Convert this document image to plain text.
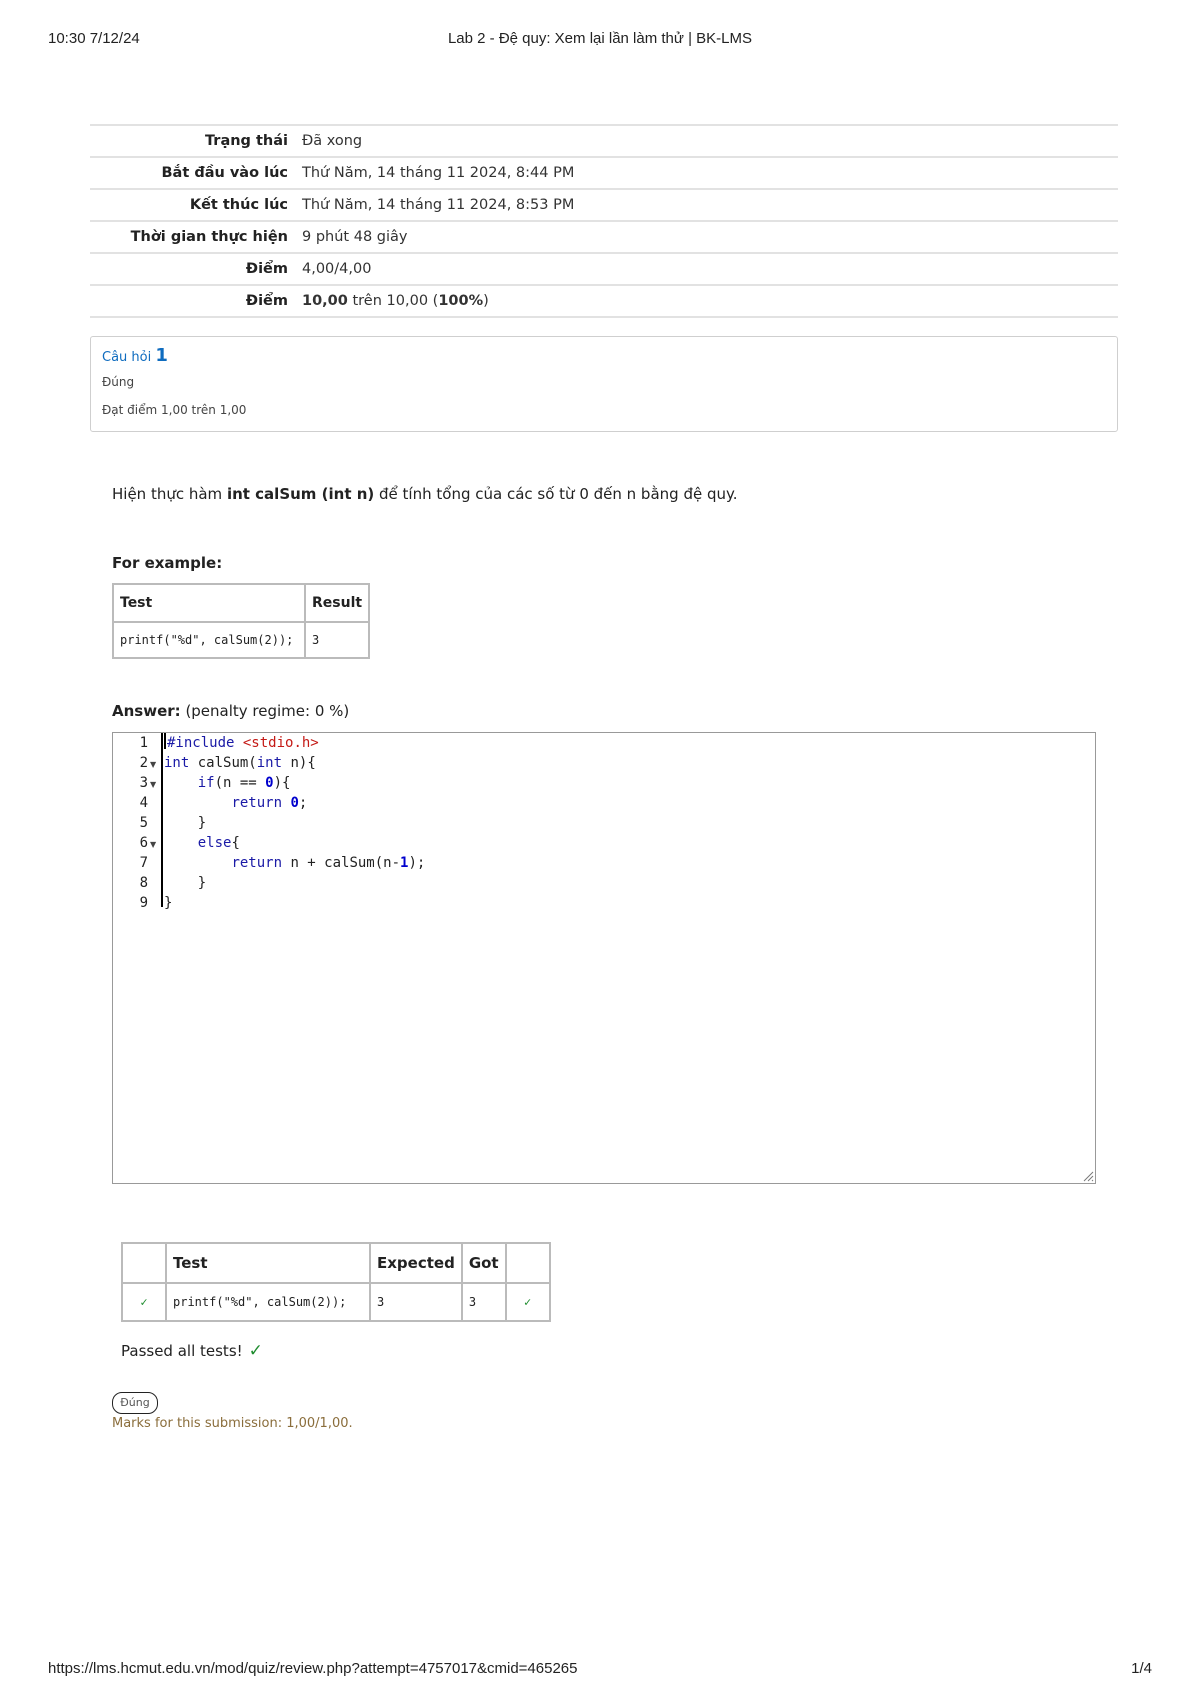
10:30 7/12/24	Lab 2 - Đệ quy: Xem lại lần làm thử | BK-LMS
Trạng thái	Đã xong
Bắt đầu vào lúc	Thứ Năm, 14 tháng 11 2024, 8:44 PM
Kết thúc lúc	Thứ Năm, 14 tháng 11 2024, 8:53 PM
Thời gian thực hiện	9 phút 48 giây
Điểm	4,00/4,00
Điểm	10,00 trên 10,00 (100%)
Câu hỏi 1
Đúng
Đạt điểm 1,00 trên 1,00
Hiện thực hàm int calSum (int n) để tính tổng của các số từ 0 đến n bằng đệ quy.
For example:
Test	Result
printf("%d", calSum(2));	3
Answer: (penalty regime: 0 %)
1
2 ▼
3 ▼
4
5
6 ▼
7
8
9
#include <stdio.h>
int calSum(int n){
if(n == 0){
return 0;
}
else{
return n + calSum(n-1);
}
}
	Test	Expected	Got	
✓	printf("%d", calSum(2));	3	3	✓
Passed all tests! ✓
Đúng
Marks for this submission: 1,00/1,00.
https://lms.hcmut.edu.vn/mod/quiz/review.php?attempt=4757017&cmid=465265	1/4
